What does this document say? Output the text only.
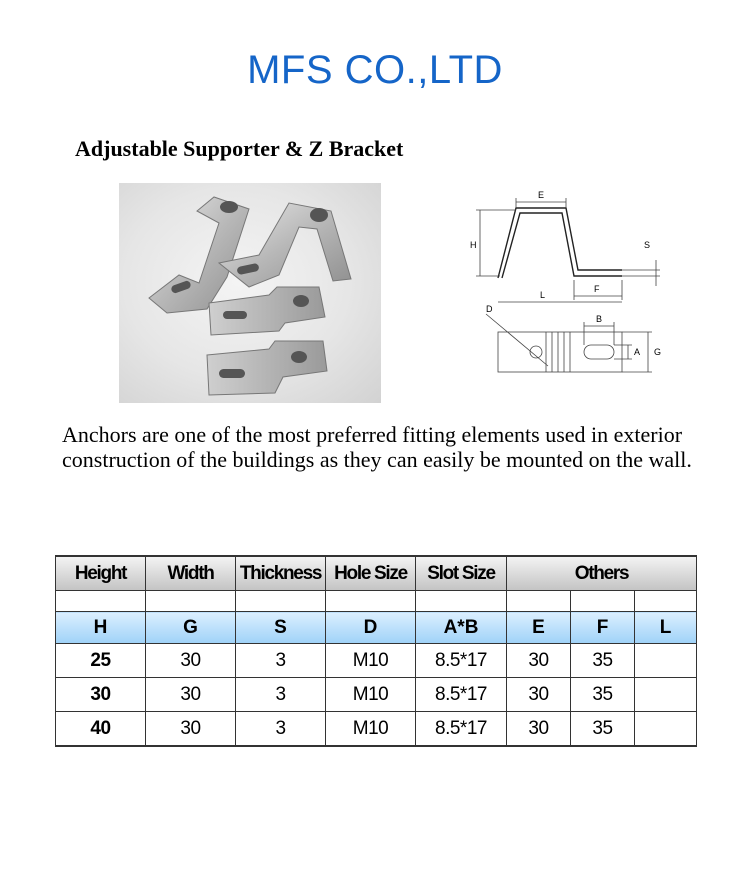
MFS CO.,LTD
Adjustable Supporter & Z Bracket
E
H	S
F
L
D
B
A G
Anchors are one of the most preferred fitting elements used in exterior construction of the buildings as they can easily be mounted on the wall.
Height	Width	Thickness	Hole Size	Slot Size	Others		

H	G	S	D	A*B	E	F	L
25	30	3	M10	8.5*17	30	35	
30	30	3	M10	8.5*17	30	35	
40	30	3	M10	8.5*17	30	35	
